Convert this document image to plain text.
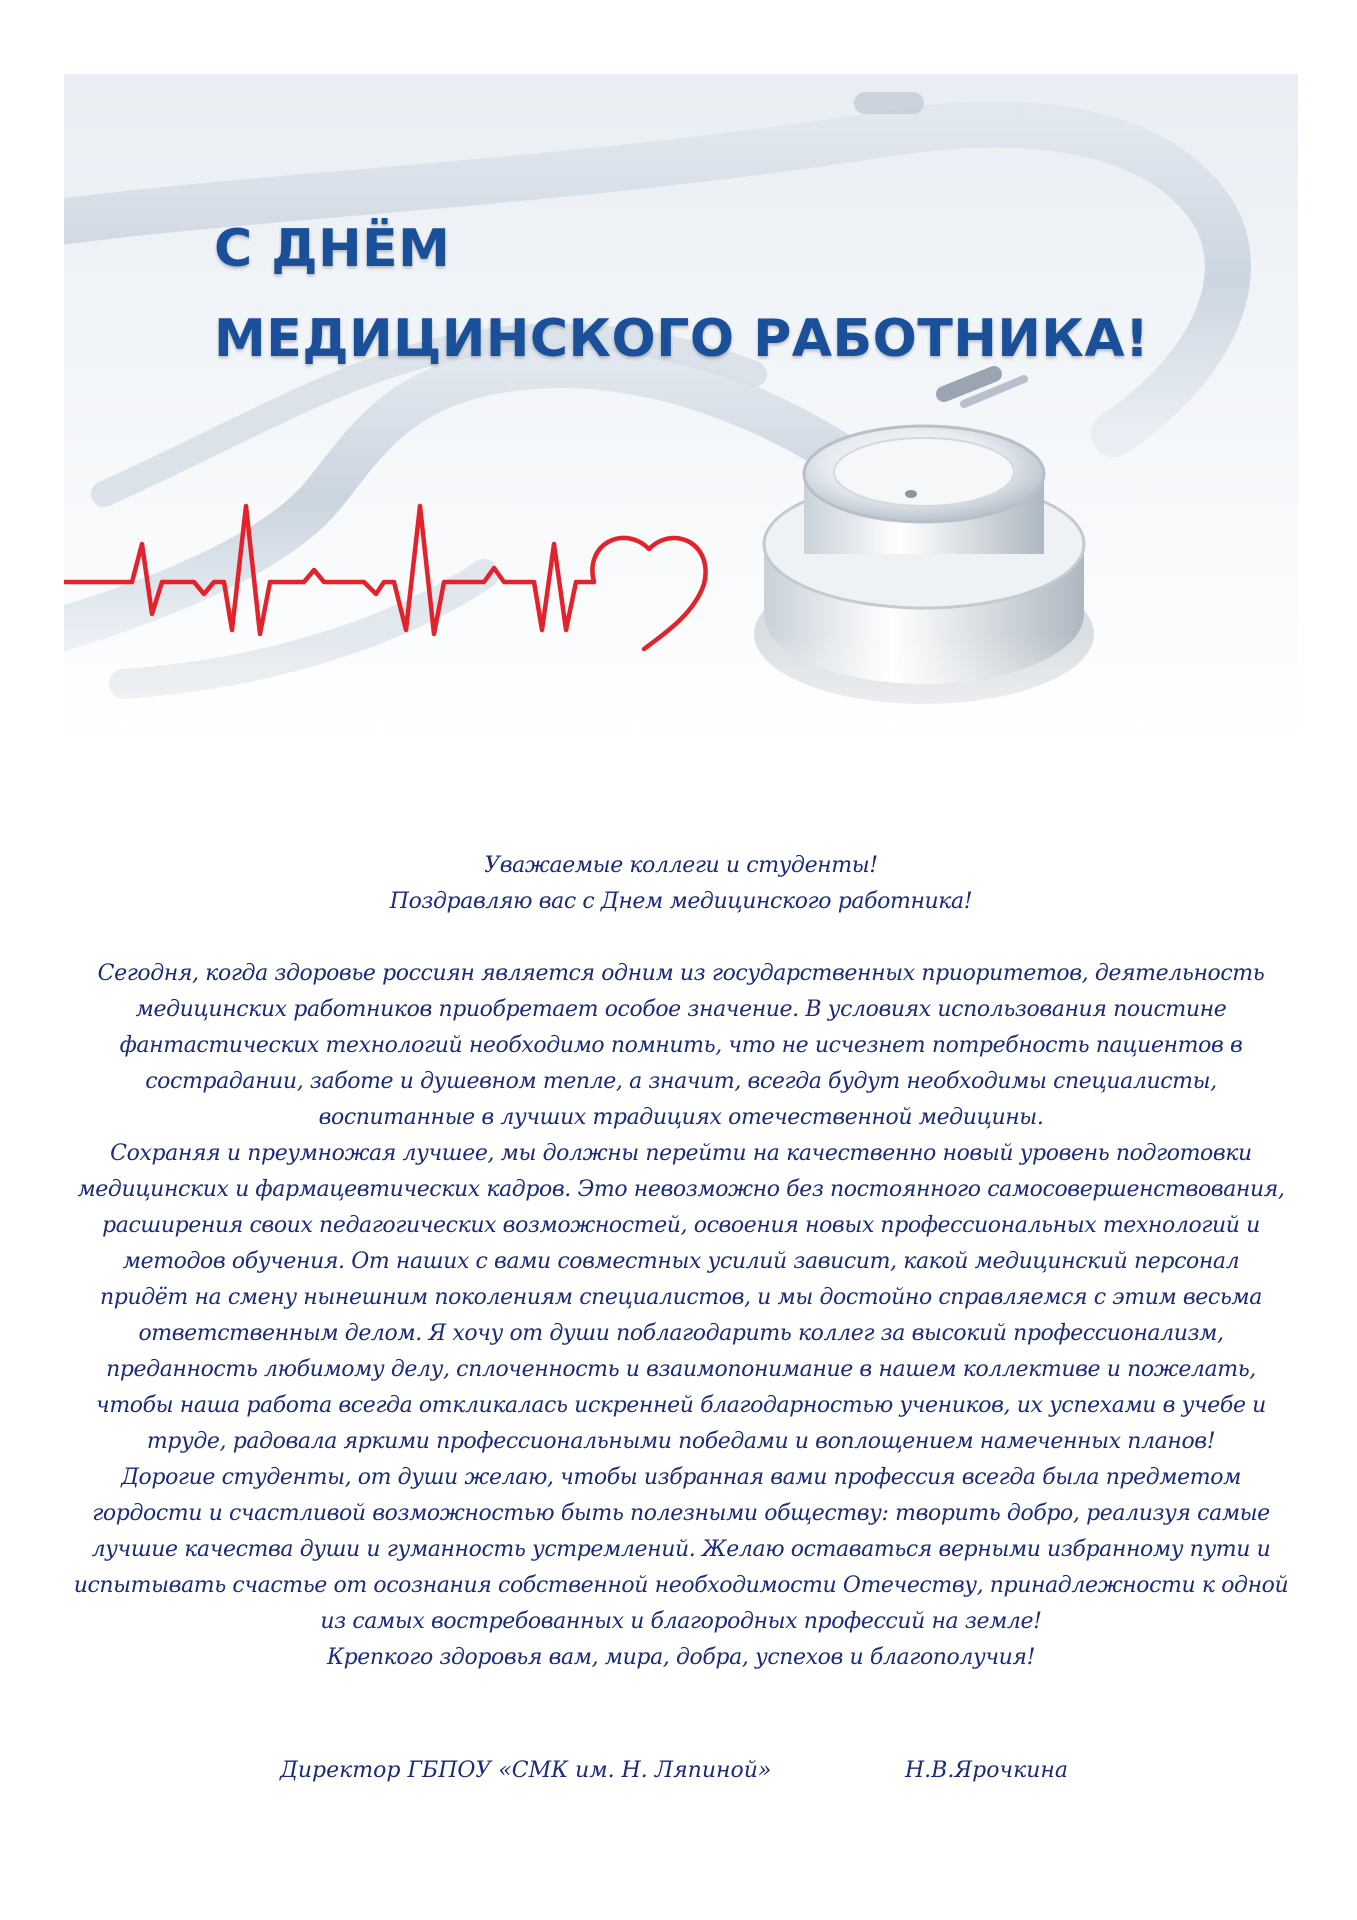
С ДНЁМ
МЕДИЦИНСКОГО РАБОТНИКА!

Уважаемые коллеги и студенты!

Поздравляю вас с Днем медицинского работника!

Сегодня, когда здоровье россиян является одним из государственных приоритетов, деятельность

медицинских работников приобретает особое значение. В условиях использования поистине

фантастических технологий необходимо помнить, что не исчезнет потребность пациентов в

сострадании, заботе и душевном тепле, а значит, всегда будут необходимы специалисты,

воспитанные в лучших традициях отечественной медицины.

Сохраняя и преумножая лучшее, мы должны перейти на качественно новый уровень подготовки

медицинских и фармацевтических кадров. Это невозможно без постоянного самосовершенствования,

расширения своих педагогических возможностей, освоения новых профессиональных технологий и

методов обучения. От наших с вами совместных усилий зависит, какой медицинский персонал

придёт на смену нынешним поколениям специалистов, и мы достойно справляемся с этим весьма

ответственным делом. Я хочу от души поблагодарить коллег за высокий профессионализм,

преданность любимому делу, сплоченность и взаимопонимание в нашем коллективе и пожелать,

чтобы наша работа всегда откликалась искренней благодарностью учеников, их успехами в учебе и

труде, радовала яркими профессиональными победами и воплощением намеченных планов!

Дорогие студенты, от души желаю, чтобы избранная вами профессия всегда была предметом

гордости и счастливой возможностью быть полезными обществу: творить добро, реализуя самые

лучшие качества души и гуманность устремлений. Желаю оставаться верными избранному пути и

испытывать счастье от осознания собственной необходимости Отечеству, принадлежности к одной

из самых востребованных и благородных профессий на земле!

Крепкого здоровья вам, мира, добра, успехов и благополучия!

Директор ГБПОУ «СМК им. Н. Ляпиной»	Н.В.Ярочкина
